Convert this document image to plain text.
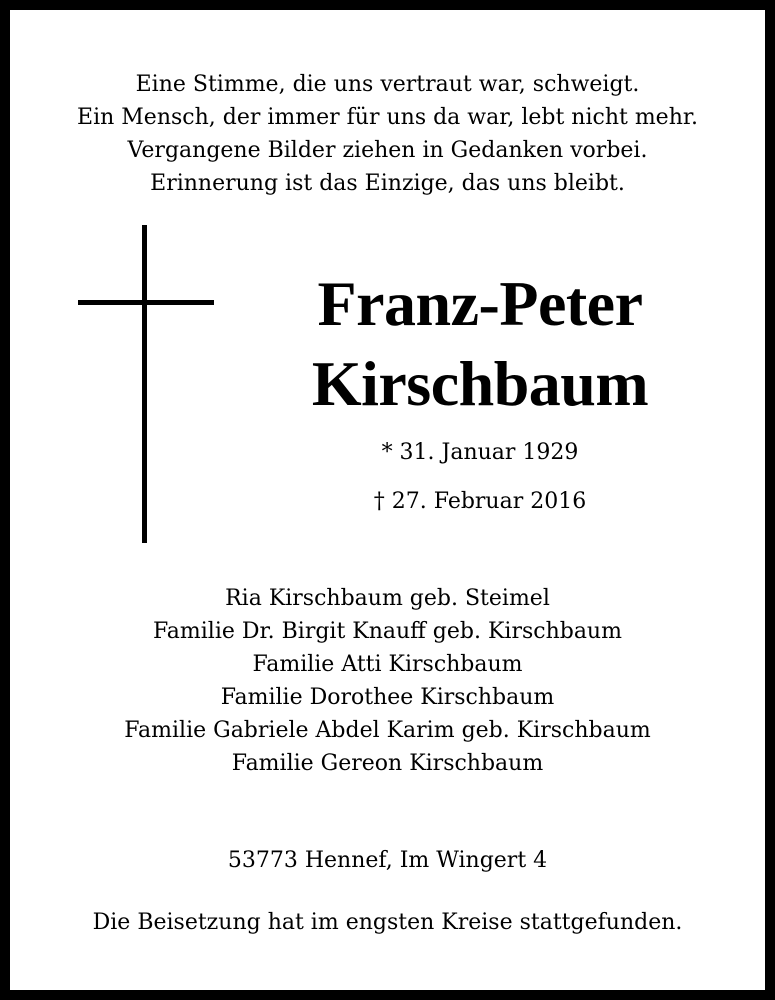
Eine Stimme, die uns vertraut war, schweigt.
Ein Mensch, der immer für uns da war, lebt nicht mehr.
Vergangene Bilder ziehen in Gedanken vorbei.
Erinnerung ist das Einzige, das uns bleibt.
Franz-Peter
Kirschbaum
* 31. Januar 1929
† 27. Februar 2016
Ria Kirschbaum geb. Steimel
Familie Dr. Birgit Knauff geb. Kirschbaum
Familie Atti Kirschbaum
Familie Dorothee Kirschbaum
Familie Gabriele Abdel Karim geb. Kirschbaum
Familie Gereon Kirschbaum
53773 Hennef, Im Wingert 4
Die Beisetzung hat im engsten Kreise stattgefunden.
